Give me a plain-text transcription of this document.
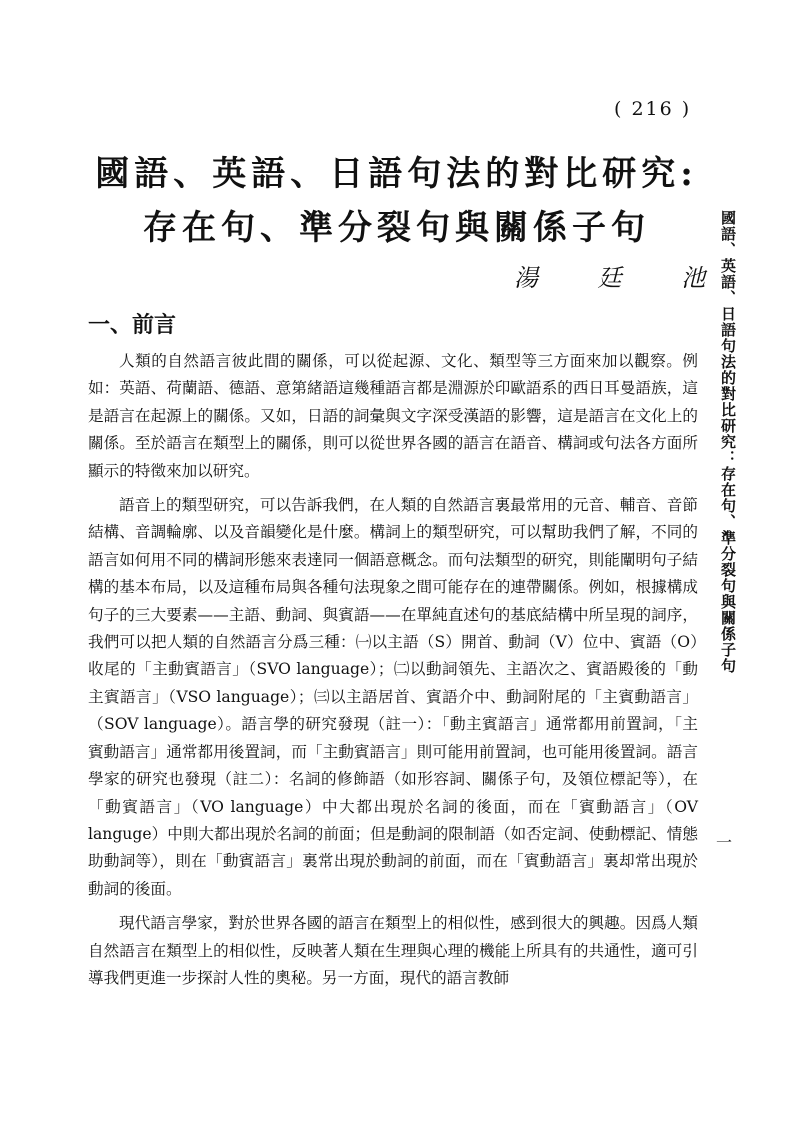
( 216 )
國語、英語、日語句法的對比研究:
存在句、準分裂句與關係子句
湯 廷 池
一、前言

人類的自然語言彼此間的關係，可以從起源、文化、類型等三方面來加以觀察。例如：英語、荷蘭語、德語、意第緒語這幾種語言都是淵源於印歐語系的西日耳曼語族，這是語言在起源上的關係。又如，日語的詞彙與文字深受漢語的影響，這是語言在文化上的關係。至於語言在類型上的關係，則可以從世界各國的語言在語音、構詞或句法各方面所顯示的特徵來加以研究。

語音上的類型研究，可以告訴我們，在人類的自然語言裏最常用的元音、輔音、音節結構、音調輪廓、以及音韻變化是什麼。構詞上的類型研究，可以幫助我們了解，不同的語言如何用不同的構詞形態來表達同一個語意概念。而句法類型的研究，則能闡明句子結構的基本布局，以及這種布局與各種句法現象之間可能存在的連帶關係。例如，根據構成句子的三大要素——主語、動詞、與賓語——在單純直述句的基底結構中所呈現的詞序，我們可以把人類的自然語言分爲三種：㈠以主語（S）開首、動詞（V）位中、賓語（O）收尾的「主動賓語言」（SVO language）；㈡以動詞領先、主語次之、賓語殿後的「動主賓語言」（VSO language）；㈢以主語居首、賓語介中、動詞附尾的「主賓動語言」（SOV language）。語言學的研究發現（註一）：「動主賓語言」通常都用前置詞，「主賓動語言」通常都用後置詞，而「主動賓語言」則可能用前置詞，也可能用後置詞。語言學家的研究也發現（註二）：名詞的修飾語（如形容詞、關係子句，及領位標記等），在「動賓語言」（VO language）中大都出現於名詞的後面，而在「賓動語言」（OV languge）中則大都出現於名詞的前面；但是動詞的限制語（如否定詞、使動標記、情態助動詞等），則在「動賓語言」裏常出現於動詞的前面，而在「賓動語言」裏却常出現於動詞的後面。

現代語言學家，對於世界各國的語言在類型上的相似性，感到很大的興趣。因爲人類自然語言在類型上的相似性，反映著人類在生理與心理的機能上所具有的共通性，適可引導我們更進一步探討人性的奧秘。另一方面，現代的語言教師

國語、英語、日語句法的對比研究：存在句、準分裂句與關係子句
一
